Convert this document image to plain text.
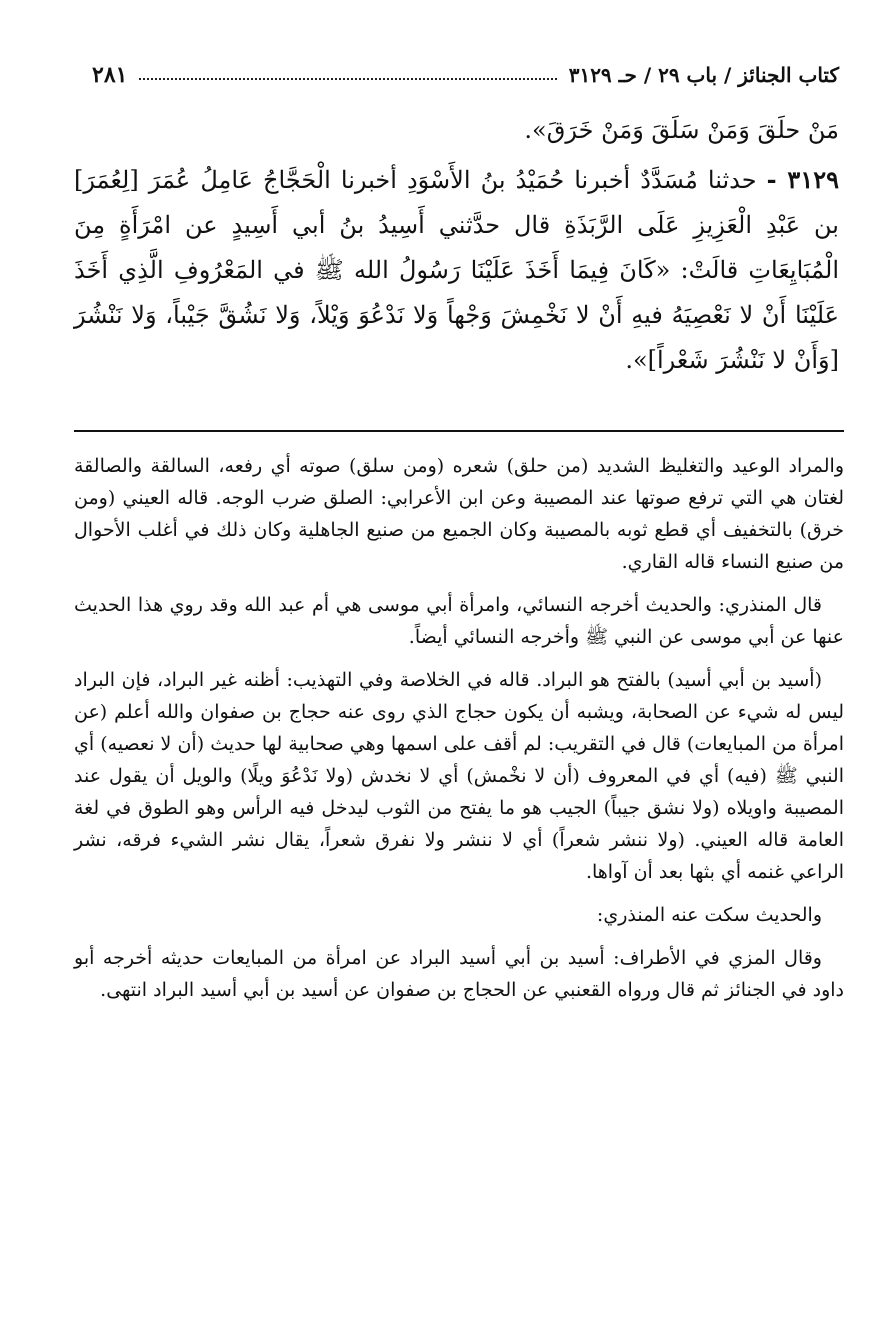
٢٨١	كتاب الجنائز / باب ٢٩ / حـ ٣١٢٩

مَنْ حلَقَ وَمَنْ سَلَقَ وَمَنْ خَرَقَ».

٣١٢٩ - حدثنا مُسَدَّدٌ أخبرنا حُمَيْدُ بنُ الأَسْوَدِ أخبرنا الْحَجَّاجُ عَامِلُ عُمَرَ [لِعُمَرَ] بن عَبْدِ الْعَزِيزِ عَلَى الرَّبَذَةِ قال حدَّثني أَسِيدُ بنُ أبي أَسِيدٍ عن امْرَأَةٍ مِنَ الْمُبَايِعَاتِ قالَتْ: «كَانَ فِيمَا أَخَذَ عَلَيْنَا رَسُولُ الله ﷺ في المَعْرُوفِ الَّذِي أَخَذَ عَلَيْنَا أَنْ لا نَعْصِيَهُ فيهِ أَنْ لا نَخْمِشَ وَجْهاً وَلا نَدْعُوَ وَيْلاً، وَلا نَشُقَّ جَيْباً، وَلا نَنْشُرَ [وَأَنْ لا نَنْشُرَ شَعْراً]».

والمراد الوعيد والتغليظ الشديد (من حلق) شعره (ومن سلق) صوته أي رفعه، السالقة والصالقة لغتان هي التي ترفع صوتها عند المصيبة وعن ابن الأعرابي: الصلق ضرب الوجه. قاله العيني (ومن خرق) بالتخفيف أي قطع ثوبه بالمصيبة وكان الجميع من صنيع الجاهلية وكان ذلك في أغلب الأحوال من صنيع النساء قاله القاري.

قال المنذري: والحديث أخرجه النسائي، وامرأة أبي موسى هي أم عبد الله وقد روي هذا الحديث عنها عن أبي موسى عن النبي ﷺ وأخرجه النسائي أيضاً.

(أسيد بن أبي أسيد) بالفتح هو البراد. قاله في الخلاصة وفي التهذيب: أظنه غير البراد، فإن البراد ليس له شيء عن الصحابة، ويشبه أن يكون حجاج الذي روى عنه حجاج بن صفوان والله أعلم (عن امرأة من المبايعات) قال في التقريب: لم أقف على اسمها وهي صحابية لها حديث (أن لا نعصيه) أي النبي ﷺ (فيه) أي في المعروف (أن لا نخْمش) أي لا نخدش (ولا نَدْعُوَ ويلًا) والويل أن يقول عند المصيبة واويلاه (ولا نشق جيباً) الجيب هو ما يفتح من الثوب ليدخل فيه الرأس وهو الطوق في لغة العامة قاله العيني. (ولا ننشر شعراً) أي لا ننشر ولا نفرق شعراً، يقال نشر الشيء فرقه، نشر الراعي غنمه أي بثها بعد أن آواها.

والحديث سكت عنه المنذري:

وقال المزي في الأطراف: أسيد بن أبي أسيد البراد عن امرأة من المبايعات حديثه أخرجه أبو داود في الجنائز ثم قال ورواه القعنبي عن الحجاج بن صفوان عن أسيد بن أبي أسيد البراد انتهى.
